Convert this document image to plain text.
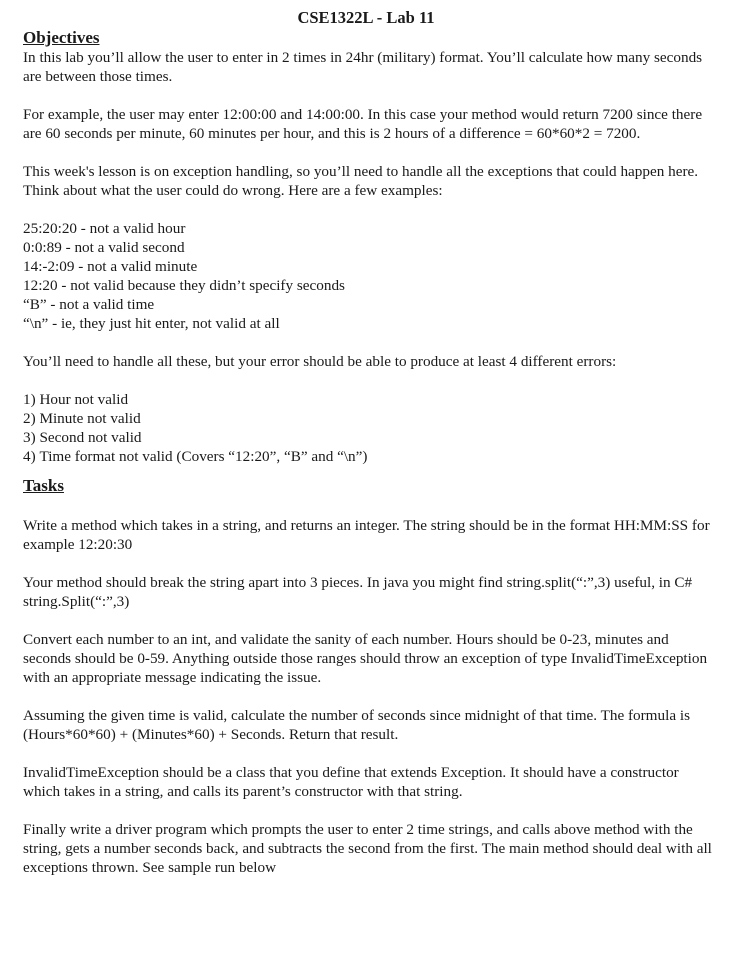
CSE1322L - Lab 11
Objectives

In this lab you’ll allow the user to enter in 2 times in 24hr (military) format. You’ll calculate how many seconds are between those times.

For example, the user may enter 12:00:00 and 14:00:00. In this case your method would return 7200 since there are 60 seconds per minute, 60 minutes per hour, and this is 2 hours of a difference = 60*60*2 = 7200.

This week's lesson is on exception handling, so you’ll need to handle all the exceptions that could happen here. Think about what the user could do wrong. Here are a few examples:

25:20:20 - not a valid hour
0:0:89 - not a valid second
14:-2:09 - not a valid minute
12:20 - not valid because they didn’t specify seconds
“B” - not a valid time
“\n” - ie, they just hit enter, not valid at all

You’ll need to handle all these, but your error should be able to produce at least 4 different errors:

1) Hour not valid
2) Minute not valid
3) Second not valid
4) Time format not valid (Covers “12:20”, “B” and “\n”)
Tasks

Write a method which takes in a string, and returns an integer. The string should be in the format HH:MM:SS for example 12:20:30

Your method should break the string apart into 3 pieces. In java you might find string.split(“:”,3) useful, in C# string.Split(“:”,3)

Convert each number to an int, and validate the sanity of each number. Hours should be 0-23, minutes and seconds should be 0-59. Anything outside those ranges should throw an exception of type InvalidTimeException with an appropriate message indicating the issue.

Assuming the given time is valid, calculate the number of seconds since midnight of that time. The formula is (Hours*60*60) + (Minutes*60) + Seconds. Return that result.

InvalidTimeException should be a class that you define that extends Exception. It should have a constructor which takes in a string, and calls its parent’s constructor with that string.

Finally write a driver program which prompts the user to enter 2 time strings, and calls above method with the string, gets a number seconds back, and subtracts the second from the first. The main method should deal with all exceptions thrown. See sample run below
